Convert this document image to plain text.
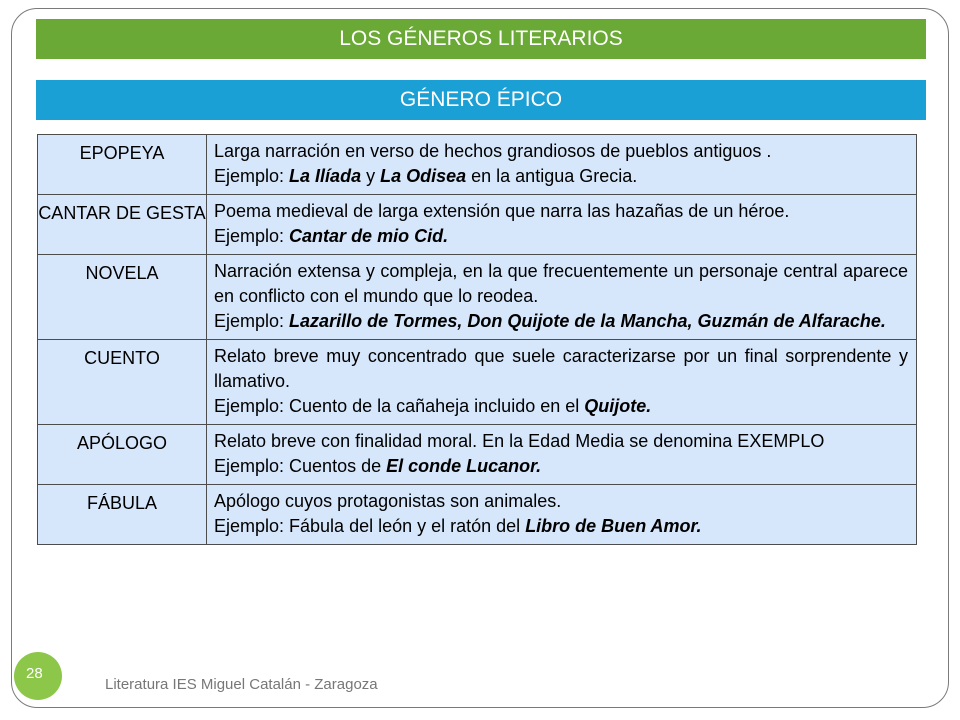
LOS GÉNEROS LITERARIOS
GÉNERO ÉPICO
28
Literatura IES Miguel Catalán - Zaragoza
EPOPEYA	Larga narración en verso de hechos grandiosos de pueblos antiguos .
Ejemplo: La Ilíada y La Odisea en la antigua Grecia.

CANTAR DE GESTA	Poema medieval de larga extensión que narra las hazañas de un héroe.
Ejemplo: Cantar de mio Cid.

NOVELA	Narración extensa y compleja, en la que frecuentemente un personaje central aparece en conflicto con el mundo que lo reodea.
Ejemplo: Lazarillo de Tormes, Don Quijote de la Mancha, Guzmán de Alfarache.

CUENTO	Relato breve muy concentrado que suele caracterizarse por un final sorprendente y llamativo.
Ejemplo: Cuento de la cañaheja incluido en el Quijote.

APÓLOGO	Relato breve con finalidad moral. En la Edad Media se denomina EXEMPLO
Ejemplo: Cuentos de El conde Lucanor.

FÁBULA	Apólogo cuyos protagonistas son animales.
Ejemplo: Fábula del león y el ratón del Libro de Buen Amor.
